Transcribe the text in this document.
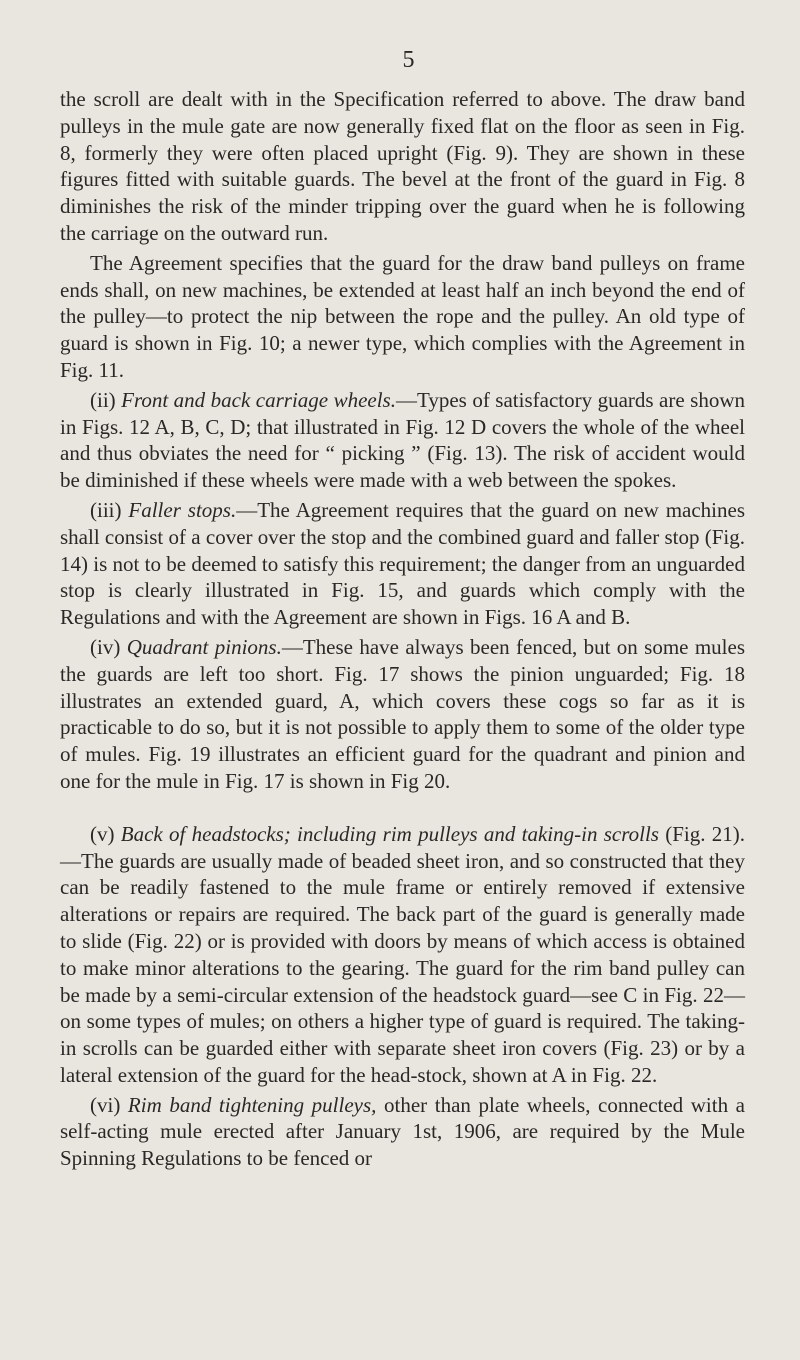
5

the scroll are dealt with in the Specification referred to above. The draw band pulleys in the mule gate are now generally fixed flat on the floor as seen in Fig. 8, formerly they were often placed upright (Fig. 9). They are shown in these figures fitted with suitable guards. The bevel at the front of the guard in Fig. 8 diminishes the risk of the minder tripping over the guard when he is following the carriage on the outward run.

The Agreement specifies that the guard for the draw band pulleys on frame ends shall, on new machines, be extended at least half an inch beyond the end of the pulley—to protect the nip between the rope and the pulley. An old type of guard is shown in Fig. 10; a newer type, which complies with the Agreement in Fig. 11.

(ii) Front and back carriage wheels.—Types of satisfactory guards are shown in Figs. 12 A, B, C, D; that illustrated in Fig. 12 D covers the whole of the wheel and thus obviates the need for “ picking ” (Fig. 13). The risk of accident would be diminished if these wheels were made with a web between the spokes.

(iii) Faller stops.—The Agreement requires that the guard on new machines shall consist of a cover over the stop and the combined guard and faller stop (Fig. 14) is not to be deemed to satisfy this requirement; the danger from an unguarded stop is clearly illustrated in Fig. 15, and guards which comply with the Regulations and with the Agreement are shown in Figs. 16 A and B.

(iv) Quadrant pinions.—These have always been fenced, but on some mules the guards are left too short. Fig. 17 shows the pinion unguarded; Fig. 18 illustrates an extended guard, A, which covers these cogs so far as it is practicable to do so, but it is not possible to apply them to some of the older type of mules. Fig. 19 illustrates an efficient guard for the quadrant and pinion and one for the mule in Fig. 17 is shown in Fig 20.

(v) Back of headstocks; including rim pulleys and taking-in scrolls (Fig. 21).—The guards are usually made of beaded sheet iron, and so constructed that they can be readily fastened to the mule frame or entirely removed if extensive alterations or repairs are required. The back part of the guard is generally made to slide (Fig. 22) or is provided with doors by means of which access is obtained to make minor alterations to the gearing. The guard for the rim band pulley can be made by a semi-circular extension of the headstock guard—see C in Fig. 22—on some types of mules; on others a higher type of guard is required. The taking-in scrolls can be guarded either with separate sheet iron covers (Fig. 23) or by a lateral extension of the guard for the head-stock, shown at A in Fig. 22.

(vi) Rim band tightening pulleys, other than plate wheels, connected with a self-acting mule erected after January 1st, 1906, are required by the Mule Spinning Regulations to be fenced or
